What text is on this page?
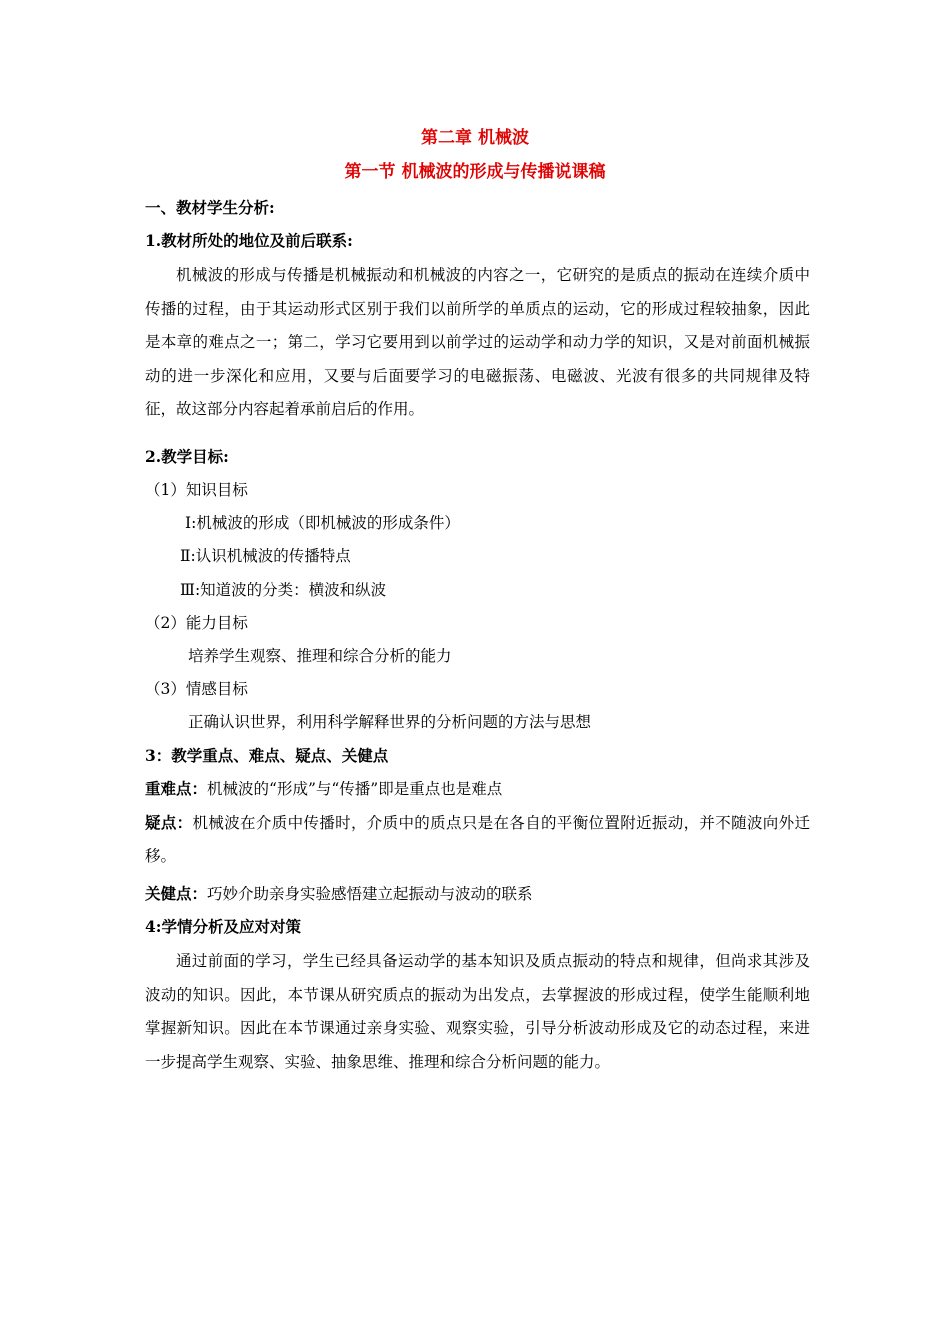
第二章 机械波
第一节 机械波的形成与传播说课稿
一、教材学生分析:
1.教材所处的地位及前后联系:
机械波的形成与传播是机械振动和机械波的内容之一，它研究的是质点的振动在连续介质中传播的过程，由于其运动形式区别于我们以前所学的单质点的运动，它的形成过程较抽象，因此是本章的难点之一；第二，学习它要用到以前学过的运动学和动力学的知识，又是对前面机械振动的进一步深化和应用，又要与后面要学习的电磁振荡、电磁波、光波有很多的共同规律及特征，故这部分内容起着承前启后的作用。
2.教学目标:
（1）知识目标
Ⅰ:机械波的形成（即机械波的形成条件）
Ⅱ:认识机械波的传播特点
Ⅲ:知道波的分类：横波和纵波
（2）能力目标
培养学生观察、推理和综合分析的能力
（3）情感目标
正确认识世界，利用科学解释世界的分析问题的方法与思想
3：教学重点、难点、疑点、关健点
重难点：机械波的“形成”与“传播”即是重点也是难点
疑点：机械波在介质中传播时，介质中的质点只是在各自的平衡位置附近振动，并不随波向外迁移。
关健点：巧妙介助亲身实验感悟建立起振动与波动的联系
4:学情分析及应对对策
通过前面的学习，学生已经具备运动学的基本知识及质点振动的特点和规律，但尚求其涉及波动的知识。因此，本节课从研究质点的振动为出发点，去掌握波的形成过程，使学生能顺利地掌握新知识。因此在本节课通过亲身实验、观察实验，引导分析波动形成及它的动态过程，来进一步提高学生观察、实验、抽象思维、推理和综合分析问题的能力。
